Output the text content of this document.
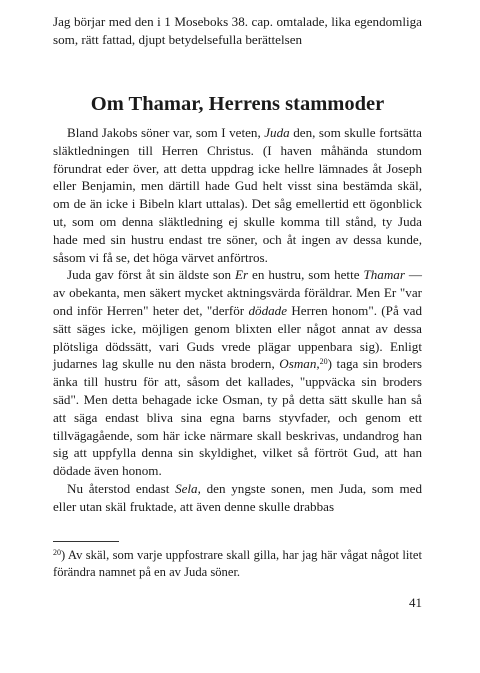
Jag börjar med den i 1 Moseboks 38. cap. omtalade, lika egendomliga som, rätt fattad, djupt betydelsefulla berättelsen

Om Thamar, Herrens stammoder

Bland Jakobs söner var, som I veten, Juda den, som skulle fortsätta släktledningen till Herren Christus. (I haven måhända stundom förundrat eder över, att detta uppdrag icke hellre lämnades åt Joseph eller Benjamin, men därtill hade Gud helt visst sina bestämda skäl, om de än icke i Bibeln klart uttalas). Det såg emellertid ett ögonblick ut, som om denna släktledning ej skulle komma till stånd, ty Juda hade med sin hustru endast tre söner, och åt ingen av dessa kunde, såsom vi få se, det höga värvet anförtros.

Juda gav först åt sin äldste son Er en hustru, som hette Thamar — av obekanta, men säkert mycket aktningsvärda föräldrar. Men Er "var ond inför Herren" heter det, "derför dödade Herren honom". (På vad sätt säges icke, möjligen genom blixten eller något annat av dessa plötsliga dödssätt, vari Guds vrede plägar uppenbara sig). Enligt judarnes lag skulle nu den nästa brodern, Osman,$^{20}$) taga sin broders änka till hustru för att, såsom det kallades, "uppväcka sin broders säd". Men detta behagade icke Osman, ty på detta sätt skulle han så att säga endast bliva sina egna barns styvfader, och genom ett tillvägagående, som här icke närmare skall beskrivas, undandrog han sig att uppfylla denna sin skyldighet, vilket så förtröt Gud, att han dödade även honom.

Nu återstod endast Sela, den yngste sonen, men Juda, som med eller utan skäl fruktade, att även denne skulle drabbas

$^{20}$) Av skäl, som varje uppfostrare skall gilla, har jag här vågat något litet förändra namnet på en av Juda söner.

41
